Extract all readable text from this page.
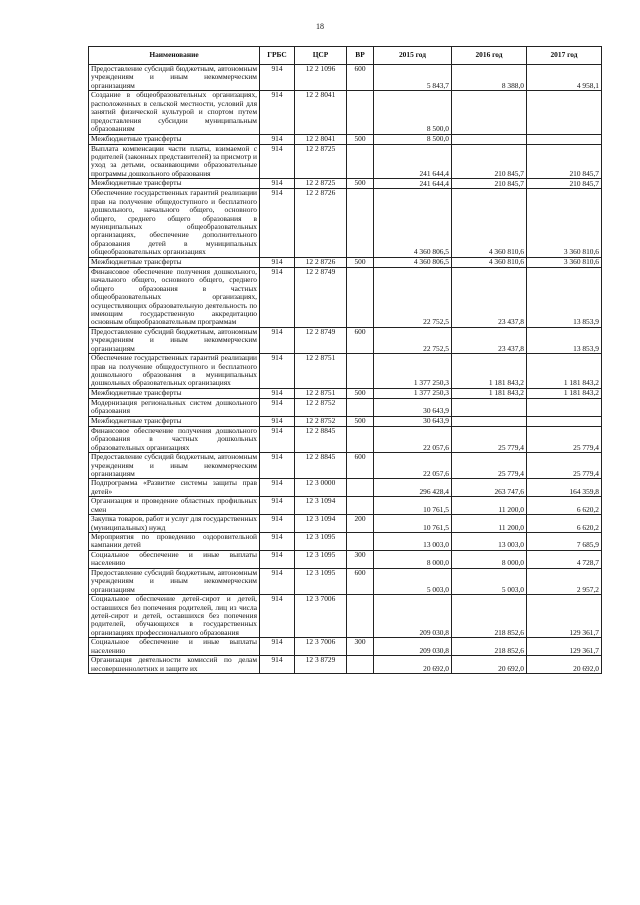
18
Наименование	ГРБС	ЦСР	ВР	2015 год	2016 год	2017 год
Предоставление субсидий бюджетным, автономным учреждениям и иным некоммерческим организациям	914	12 2 1096	600	5 843,7	8 388,0	4 958,1
Создание в общеобразовательных организациях, расположенных в сельской местности, условий для занятий физической культурой и спортом путем предоставления субсидии муниципальным образованиям	914	12 2 8041		8 500,0		
Межбюджетные трансферты	914	12 2 8041	500	8 500,0		
Выплата компенсации части платы, взимаемой с родителей (законных представителей) за присмотр и уход за детьми, осваивающими образовательные программы дошкольного образования	914	12 2 8725		241 644,4	210 845,7	210 845,7
Межбюджетные трансферты	914	12 2 8725	500	241 644,4	210 845,7	210 845,7
Обеспечение государственных гарантий реализации прав на получение общедоступного и бесплатного дошкольного, начального общего, основного общего, среднего общего образования в муниципальных общеобразовательных организациях, обеспечение дополнительного образования детей в муниципальных общеобразовательных организациях	914	12 2 8726		4 360 806,5	4 360 810,6	3 360 810,6
Межбюджетные трансферты	914	12 2 8726	500	4 360 806,5	4 360 810,6	3 360 810,6
Финансовое обеспечение получения дошкольного, начального общего, основного общего, среднего общего образования в частных общеобразовательных организациях, осуществляющих образовательную деятельность по имеющим государственную аккредитацию основным общеобразовательным программам	914	12 2 8749		22 752,5	23 437,8	13 853,9
Предоставление субсидий бюджетным, автономным учреждениям и иным некоммерческим организациям	914	12 2 8749	600	22 752,5	23 437,8	13 853,9
Обеспечение государственных гарантий реализации прав на получение общедоступного и бесплатного дошкольного образования в муниципальных дошкольных образовательных организациях	914	12 2 8751		1 377 250,3	1 181 843,2	1 181 843,2
Межбюджетные трансферты	914	12 2 8751	500	1 377 250,3	1 181 843,2	1 181 843,2
Модернизация региональных систем дошкольного образования	914	12 2 8752		30 643,9		
Межбюджетные трансферты	914	12 2 8752	500	30 643,9		
Финансовое обеспечение получения дошкольного образования в частных дошкольных образовательных организациях	914	12 2 8845		22 057,6	25 779,4	25 779,4
Предоставление субсидий бюджетным, автономным учреждениям и иным некоммерческим организациям	914	12 2 8845	600	22 057,6	25 779,4	25 779,4
Подпрограмма «Развитие системы защиты прав детей»	914	12 3 0000		296 428,4	263 747,6	164 359,8
Организация и проведение областных профильных смен	914	12 3 1094		10 761,5	11 200,0	6 620,2
Закупка товаров, работ и услуг для государственных (муниципальных) нужд	914	12 3 1094	200	10 761,5	11 200,0	6 620,2
Мероприятия по проведению оздоровительной кампании детей	914	12 3 1095		13 003,0	13 003,0	7 685,9
Социальное обеспечение и иные выплаты населению	914	12 3 1095	300	8 000,0	8 000,0	4 728,7
Предоставление субсидий бюджетным, автономным учреждениям и иным некоммерческим организациям	914	12 3 1095	600	5 003,0	5 003,0	2 957,2
Социальное обеспечение детей-сирот и детей, оставшихся без попечения родителей, лиц из числа детей-сирот и детей, оставшихся без попечения родителей, обучающихся в государственных организациях профессионального образования	914	12 3 7006		209 030,8	218 852,6	129 361,7
Социальное обеспечение и иные выплаты населению	914	12 3 7006	300	209 030,8	218 852,6	129 361,7
Организация деятельности комиссий по делам несовершеннолетних и защите их	914	12 3 8729		20 692,0	20 692,0	20 692,0
